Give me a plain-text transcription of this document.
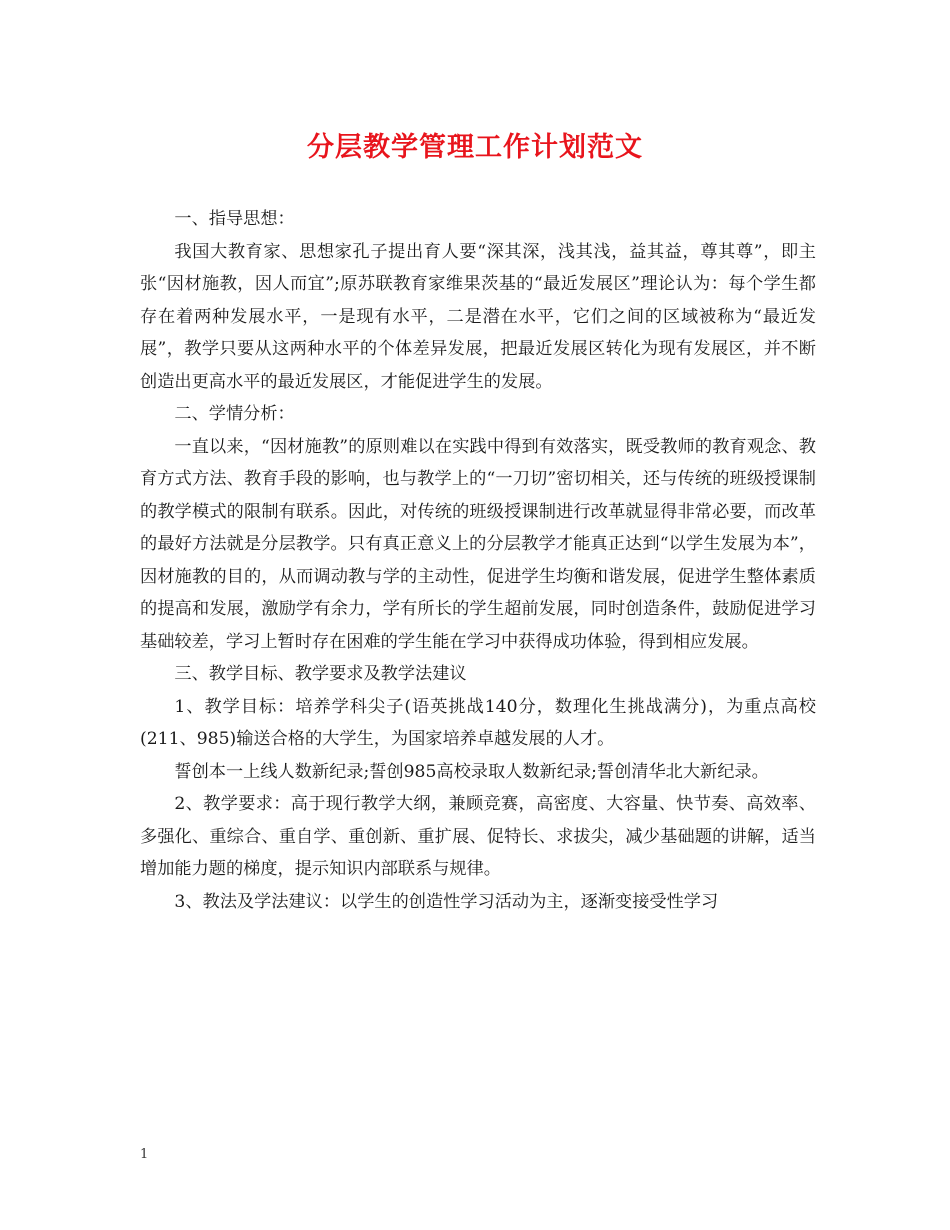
分层教学管理工作计划范文

一、指导思想：

我国大教育家、思想家孔子提出育人要“深其深，浅其浅，益其益，尊其尊”，即主张“因材施教，因人而宜”;原苏联教育家维果茨基的“最近发展区”理论认为：每个学生都存在着两种发展水平，一是现有水平，二是潜在水平，它们之间的区域被称为“最近发展”，教学只要从这两种水平的个体差异发展，把最近发展区转化为现有发展区，并不断创造出更高水平的最近发展区，才能促进学生的发展。

二、学情分析：

一直以来，“因材施教”的原则难以在实践中得到有效落实，既受教师的教育观念、教育方式方法、教育手段的影响，也与教学上的“一刀切”密切相关，还与传统的班级授课制的教学模式的限制有联系。因此，对传统的班级授课制进行改革就显得非常必要，而改革的最好方法就是分层教学。只有真正意义上的分层教学才能真正达到“以学生发展为本”，因材施教的目的，从而调动教与学的主动性，促进学生均衡和谐发展，促进学生整体素质的提高和发展，激励学有余力，学有所长的学生超前发展，同时创造条件，鼓励促进学习基础较差，学习上暂时存在困难的学生能在学习中获得成功体验，得到相应发展。

三、教学目标、教学要求及教学法建议

1、教学目标：培养学科尖子(语英挑战140分，数理化生挑战满分)，为重点高校(211、985)输送合格的大学生，为国家培养卓越发展的人才。

誓创本一上线人数新纪录;誓创985高校录取人数新纪录;誓创清华北大新纪录。

2、教学要求：高于现行教学大纲，兼顾竞赛，高密度、大容量、快节奏、高效率、多强化、重综合、重自学、重创新、重扩展、促特长、求拔尖，减少基础题的讲解，适当增加能力题的梯度，提示知识内部联系与规律。

3、教法及学法建议：以学生的创造性学习活动为主，逐渐变接受性学习

1
